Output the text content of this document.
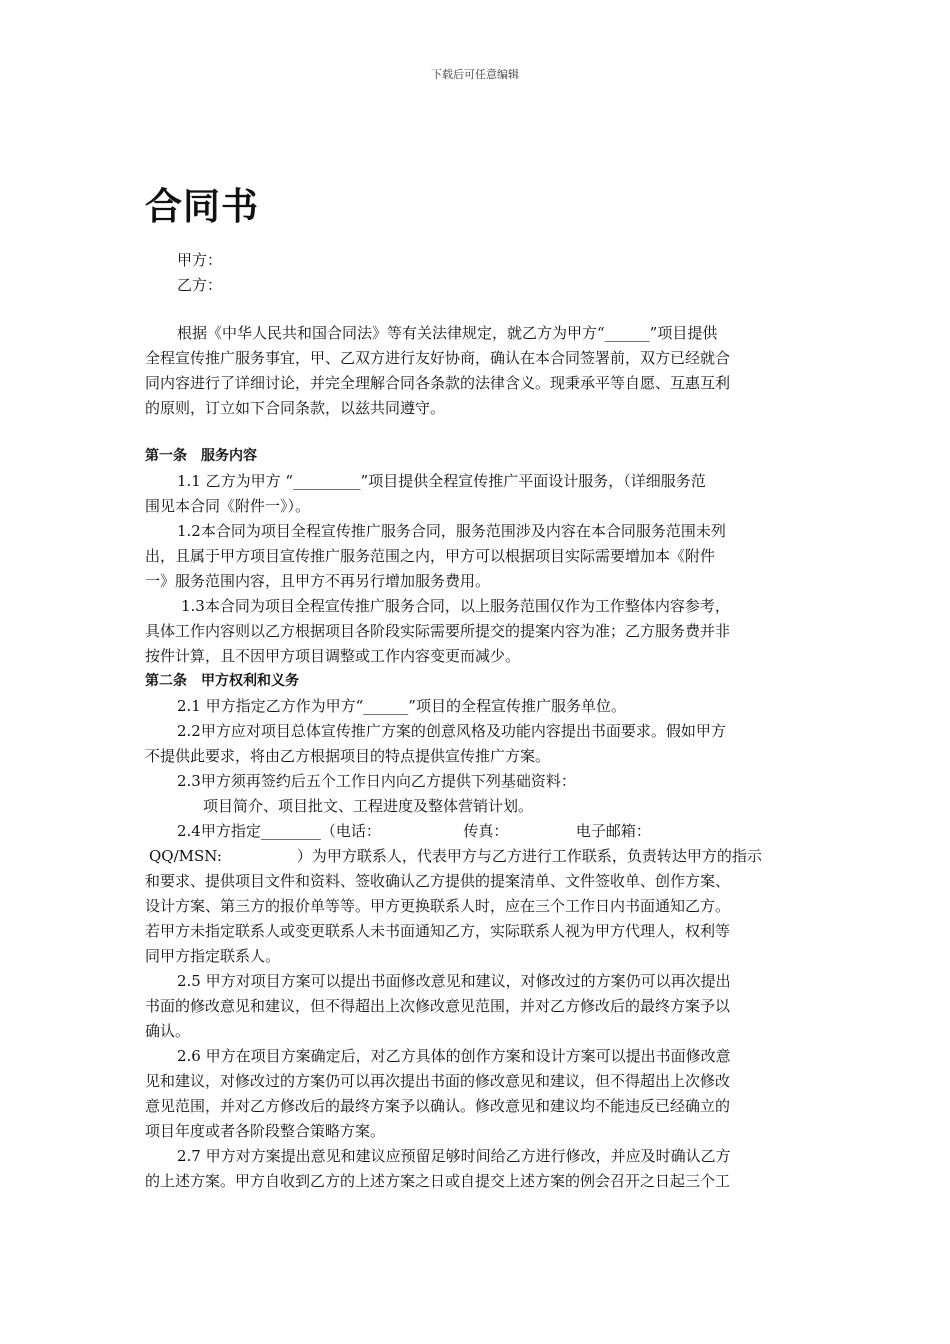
下载后可任意编辑
合同书
甲方：
乙方：
根据《中华人民共和国合同法》等有关法律规定，就乙方为甲方“______”项目提供
全程宣传推广服务事宜，甲、乙双方进行友好协商，确认在本合同签署前，双方已经就合
同内容进行了详细讨论，并完全理解合同各条款的法律含义。现秉承平等自愿、互惠互利
的原则，订立如下合同条款，以兹共同遵守。
第一条　服务内容
1.1 乙方为甲方 “_________”项目提供全程宣传推广平面设计服务，（详细服务范
围见本合同《附件一》）。
1.2本合同为项目全程宣传推广服务合同，服务范围涉及内容在本合同服务范围未列
出，且属于甲方项目宣传推广服务范围之内，甲方可以根据项目实际需要增加本《附件
一》服务范围内容，且甲方不再另行增加服务费用。
1.3本合同为项目全程宣传推广服务合同，以上服务范围仅作为工作整体内容参考，
具体工作内容则以乙方根据项目各阶段实际需要所提交的提案内容为准；乙方服务费并非
按件计算，且不因甲方项目调整或工作内容变更而减少。
第二条　甲方权利和义务
2.1 甲方指定乙方作为甲方“______”项目的全程宣传推广服务单位。
2.2甲方应对项目总体宣传推广方案的创意风格及功能内容提出书面要求。假如甲方
不提供此要求，将由乙方根据项目的特点提供宣传推广方案。
2.3甲方须再签约后五个工作日内向乙方提供下列基础资料：
项目简介、项目批文、工程进度及整体营销计划。
2.4甲方指定________（电话：　　　　　　传真：　　　　　电子邮箱：
QQ/MSN:　　　　　）为甲方联系人，代表甲方与乙方进行工作联系，负责转达甲方的指示
和要求、提供项目文件和资料、签收确认乙方提供的提案清单、文件签收单、创作方案、
设计方案、第三方的报价单等等。甲方更换联系人时，应在三个工作日内书面通知乙方。
若甲方未指定联系人或变更联系人未书面通知乙方，实际联系人视为甲方代理人，权利等
同甲方指定联系人。
2.5 甲方对项目方案可以提出书面修改意见和建议，对修改过的方案仍可以再次提出
书面的修改意见和建议，但不得超出上次修改意见范围，并对乙方修改后的最终方案予以
确认。
2.6 甲方在项目方案确定后，对乙方具体的创作方案和设计方案可以提出书面修改意
见和建议，对修改过的方案仍可以再次提出书面的修改意见和建议，但不得超出上次修改
意见范围，并对乙方修改后的最终方案予以确认。修改意见和建议均不能违反已经确立的
项目年度或者各阶段整合策略方案。
2.7 甲方对方案提出意见和建议应预留足够时间给乙方进行修改，并应及时确认乙方
的上述方案。甲方自收到乙方的上述方案之日或自提交上述方案的例会召开之日起三个工
